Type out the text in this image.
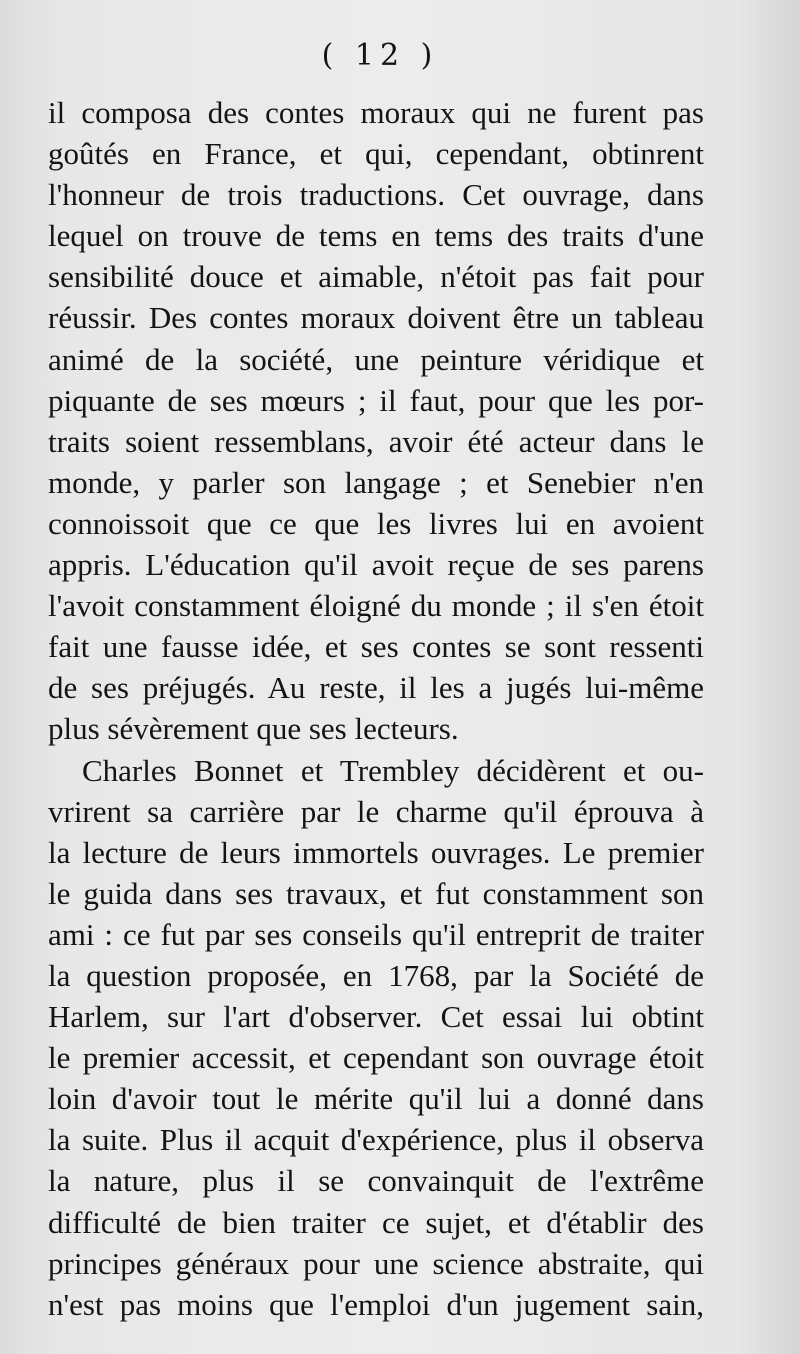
( 12 )

il composa des contes moraux qui ne furent pas
goûtés en France, et qui, cependant, obtinrent
l'honneur de trois traductions. Cet ouvrage, dans
lequel on trouve de tems en tems des traits d'une
sensibilité douce et aimable, n'étoit pas fait pour
réussir. Des contes moraux doivent être un tableau
animé de la société, une peinture véridique et
piquante de ses mœurs ; il faut, pour que les por-
traits soient ressemblans, avoir été acteur dans le
monde, y parler son langage ; et Senebier n'en
connoissoit que ce que les livres lui en avoient
appris. L'éducation qu'il avoit reçue de ses parens
l'avoit constamment éloigné du monde ; il s'en étoit
fait une fausse idée, et ses contes se sont ressenti
de ses préjugés. Au reste, il les a jugés lui-même
plus sévèrement que ses lecteurs.
Charles Bonnet et Trembley décidèrent et ou-
vrirent sa carrière par le charme qu'il éprouva à
la lecture de leurs immortels ouvrages. Le premier
le guida dans ses travaux, et fut constamment son
ami : ce fut par ses conseils qu'il entreprit de traiter
la question proposée, en 1768, par la Société de
Harlem, sur l'art d'observer. Cet essai lui obtint
le premier accessit, et cependant son ouvrage étoit
loin d'avoir tout le mérite qu'il lui a donné dans
la suite. Plus il acquit d'expérience, plus il observa
la nature, plus il se convainquit de l'extrême
difficulté de bien traiter ce sujet, et d'établir des
principes généraux pour une science abstraite, qui
n'est pas moins que l'emploi d'un jugement sain,
